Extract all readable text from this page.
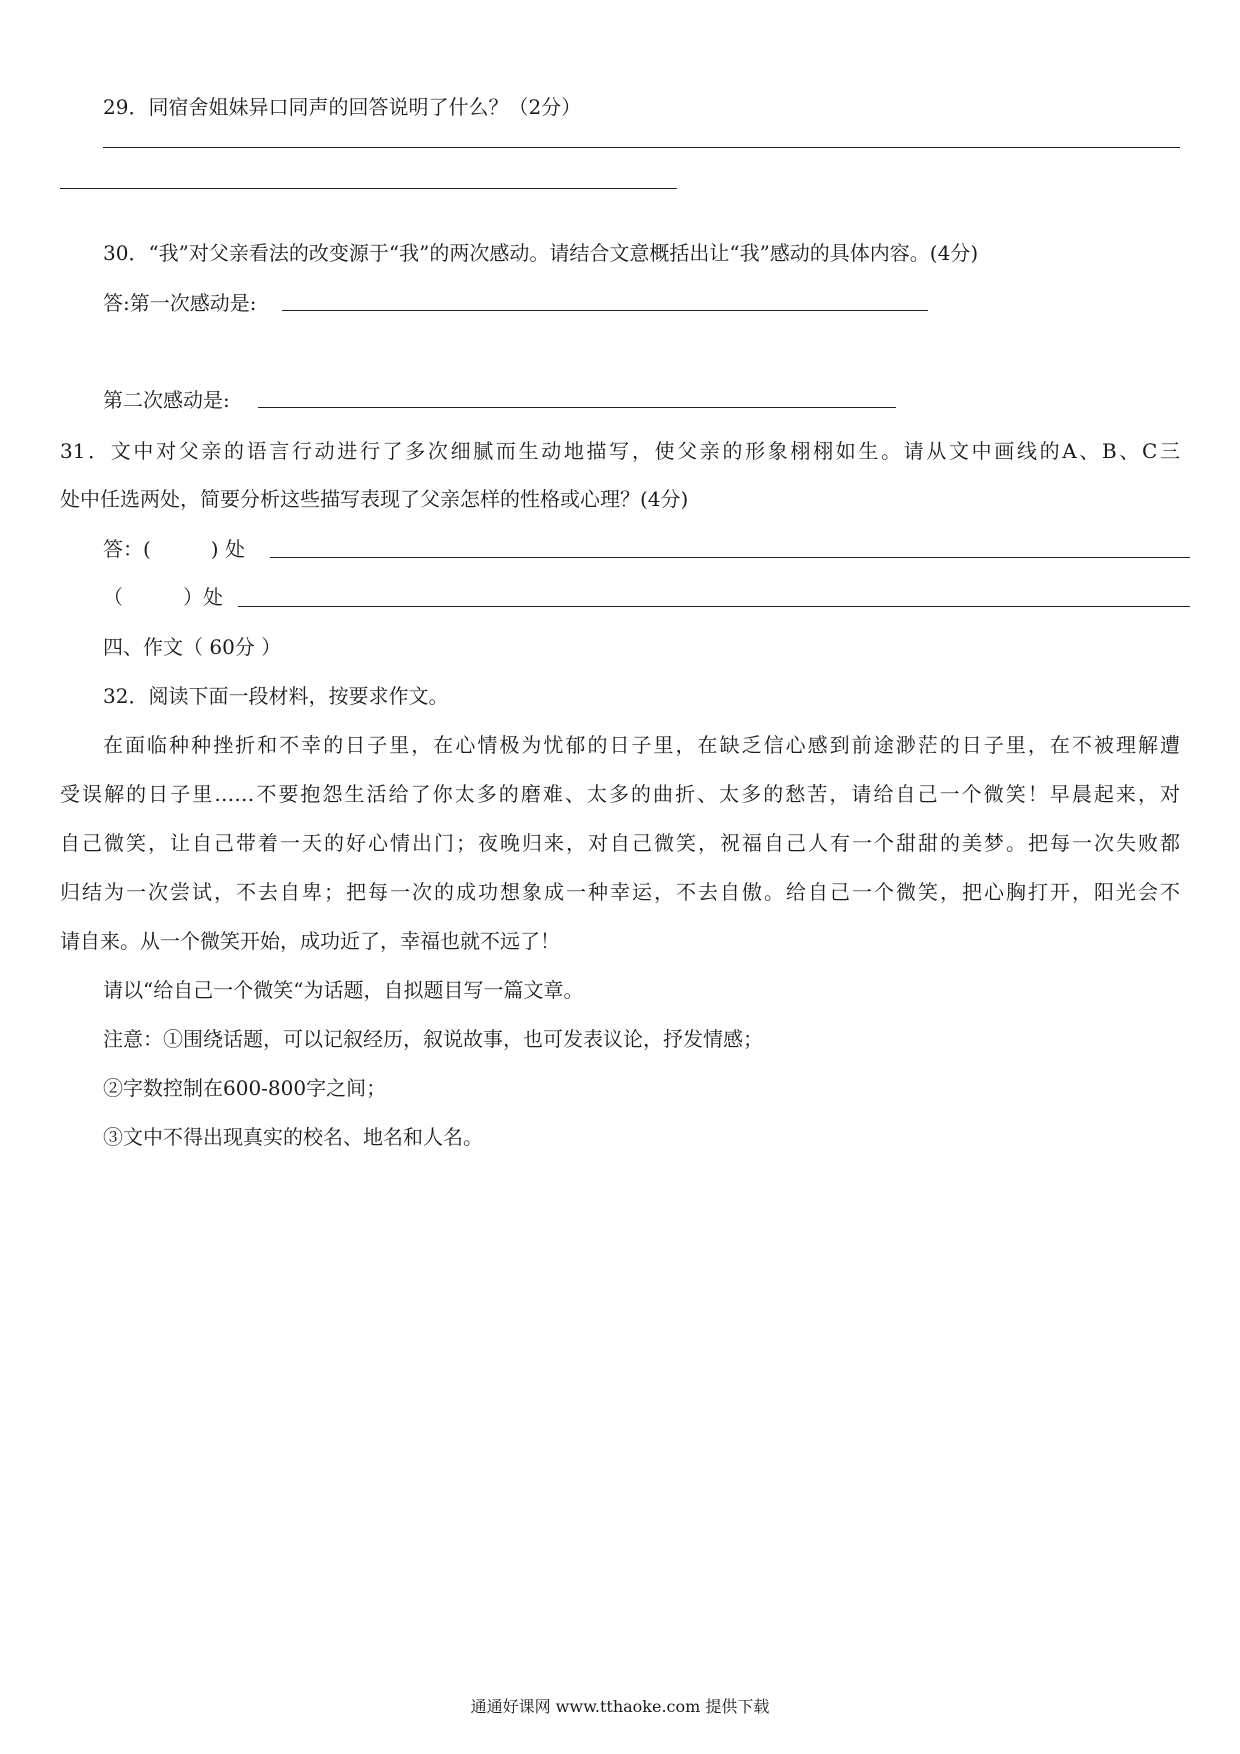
29．同宿舍姐妹异口同声的回答说明了什么？（2分）
30．“我”对父亲看法的改变源于“我”的两次感动。请结合文意概括出让“我”感动的具体内容。(4分)
答:第一次感动是:
第二次感动是:
31．文中对父亲的语言行动进行了多次细腻而生动地描写，使父亲的形象栩栩如生。请从文中画线的A、B、C三
处中任选两处，简要分析这些描写表现了父亲怎样的性格或心理？(4分)
答：(　　　) 处
（　　　）处
四、作文（ 60分 ）
32．阅读下面一段材料，按要求作文。
在面临种种挫折和不幸的日子里，在心情极为忧郁的日子里，在缺乏信心感到前途渺茫的日子里，在不被理解遭
受误解的日子里……不要抱怨生活给了你太多的磨难、太多的曲折、太多的愁苦，请给自己一个微笑！早晨起来，对
自己微笑，让自己带着一天的好心情出门；夜晚归来，对自己微笑，祝福自己人有一个甜甜的美梦。把每一次失败都
归结为一次尝试，不去自卑；把每一次的成功想象成一种幸运，不去自傲。给自己一个微笑，把心胸打开，阳光会不
请自来。从一个微笑开始，成功近了，幸福也就不远了！
请以“给自己一个微笑“为话题，自拟题目写一篇文章。
注意：①围绕话题，可以记叙经历，叙说故事，也可发表议论，抒发情感；
②字数控制在600-800字之间；
③文中不得出现真实的校名、地名和人名。
通通好课网 www.tthaoke.com 提供下载
